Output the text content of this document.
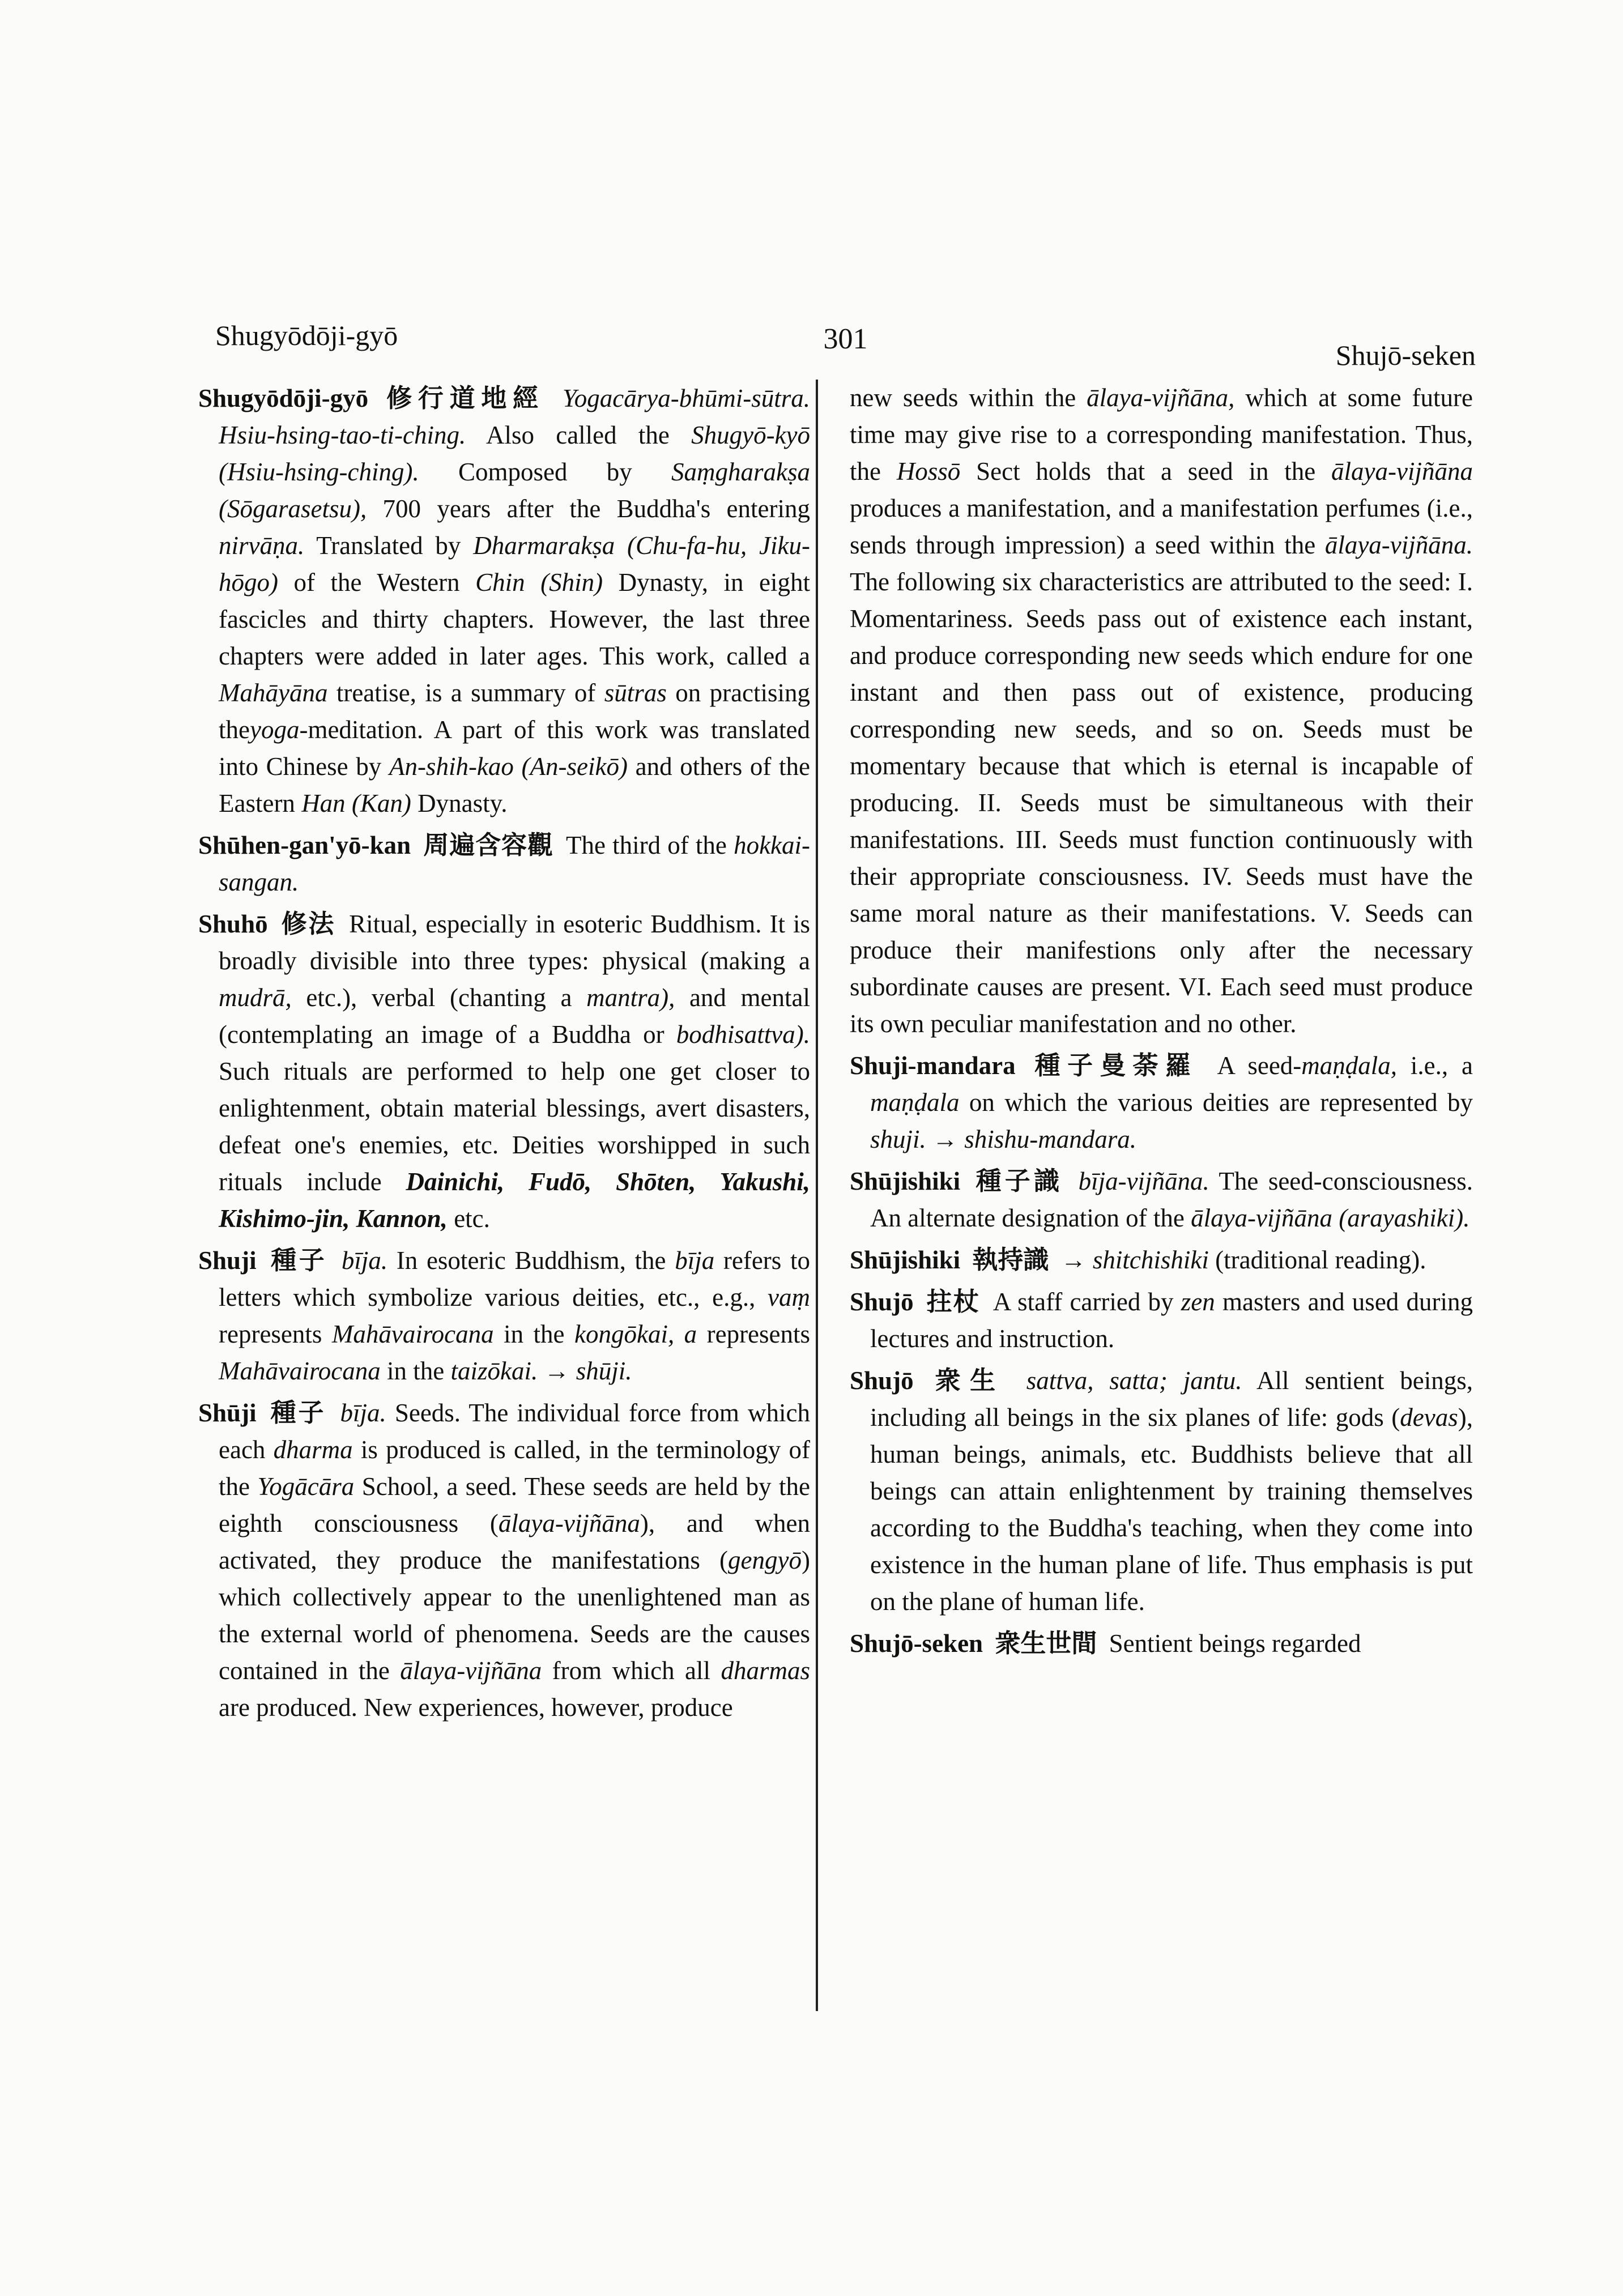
Shugyōdōji-gyō	301	Shujō-seken

Shugyōdōji-gyō 修行道地經 Yogacārya-bhūmi-sūtra. Hsiu-hsing-tao-ti-ching. Also called the Shugyō-kyō (Hsiu-hsing-ching). Composed by Saṃgharakṣa (Sōgarasetsu), 700 years after the Buddha's entering nirvāṇa. Translated by Dharmarakṣa (Chu-fa-hu, Jiku-hōgo) of the Western Chin (Shin) Dynasty, in eight fascicles and thirty chapters. However, the last three chapters were added in later ages. This work, called a Mahāyāna treatise, is a summary of sūtras on practising theyoga-meditation. A part of this work was translated into Chinese by An-shih-kao (An-seikō) and others of the Eastern Han (Kan) Dynasty.

Shūhen-gan'yō-kan 周遍含容觀 The third of the hokkai-sangan.

Shuhō 修法 Ritual, especially in esoteric Buddhism. It is broadly divisible into three types: physical (making a mudrā, etc.), verbal (chanting a mantra), and mental (contemplating an image of a Buddha or bodhisattva). Such rituals are performed to help one get closer to enlightenment, obtain material blessings, avert disasters, defeat one's enemies, etc. Deities worshipped in such rituals include Dainichi, Fudō, Shōten, Yakushi, Kishimo-jin, Kannon, etc.

Shuji 種子 bīja. In esoteric Buddhism, the bīja refers to letters which symbolize various deities, etc., e.g., vaṃ represents Mahāvairocana in the kongōkai, a represents Mahāvairocana in the taizōkai. → shūji.

Shūji 種子 bīja. Seeds. The individual force from which each dharma is produced is called, in the terminology of the Yogācāra School, a seed. These seeds are held by the eighth consciousness (ālaya-vijñāna), and when activated, they produce the manifestations (gengyō) which collectively appear to the unenlightened man as the external world of phenomena. Seeds are the causes contained in the ālaya-vijñāna from which all dharmas are produced. New experiences, however, produce

new seeds within the ālaya-vijñāna, which at some future time may give rise to a corresponding manifestation. Thus, the Hossō Sect holds that a seed in the ālaya-vijñāna produces a manifestation, and a manifestation perfumes (i.e., sends through impression) a seed within the ālaya-vijñāna. The following six characteristics are attributed to the seed: I. Momentariness. Seeds pass out of existence each instant, and produce corresponding new seeds which endure for one instant and then pass out of existence, producing corresponding new seeds, and so on. Seeds must be momentary because that which is eternal is incapable of producing. II. Seeds must be simultaneous with their manifestations. III. Seeds must function continuously with their appropriate consciousness. IV. Seeds must have the same moral nature as their manifestations. V. Seeds can produce their manifestions only after the necessary subordinate causes are present. VI. Each seed must produce its own peculiar manifestation and no other.

Shuji-mandara 種子曼荼羅 A seed-maṇḍala, i.e., a maṇḍala on which the various deities are represented by shuji. → shishu-mandara.

Shūjishiki 種子識 bīja-vijñāna. The seed-consciousness. An alternate designation of the ālaya-vijñāna (arayashiki).

Shūjishiki 執持識 → shitchishiki (traditional reading).

Shujō 拄杖 A staff carried by zen masters and used during lectures and instruction.

Shujō 衆生 sattva, satta; jantu. All sentient beings, including all beings in the six planes of life: gods (devas), human beings, animals, etc. Buddhists believe that all beings can attain enlightenment by training themselves according to the Buddha's teaching, when they come into existence in the human plane of life. Thus emphasis is put on the plane of human life.

Shujō-seken 衆生世間 Sentient beings regarded
